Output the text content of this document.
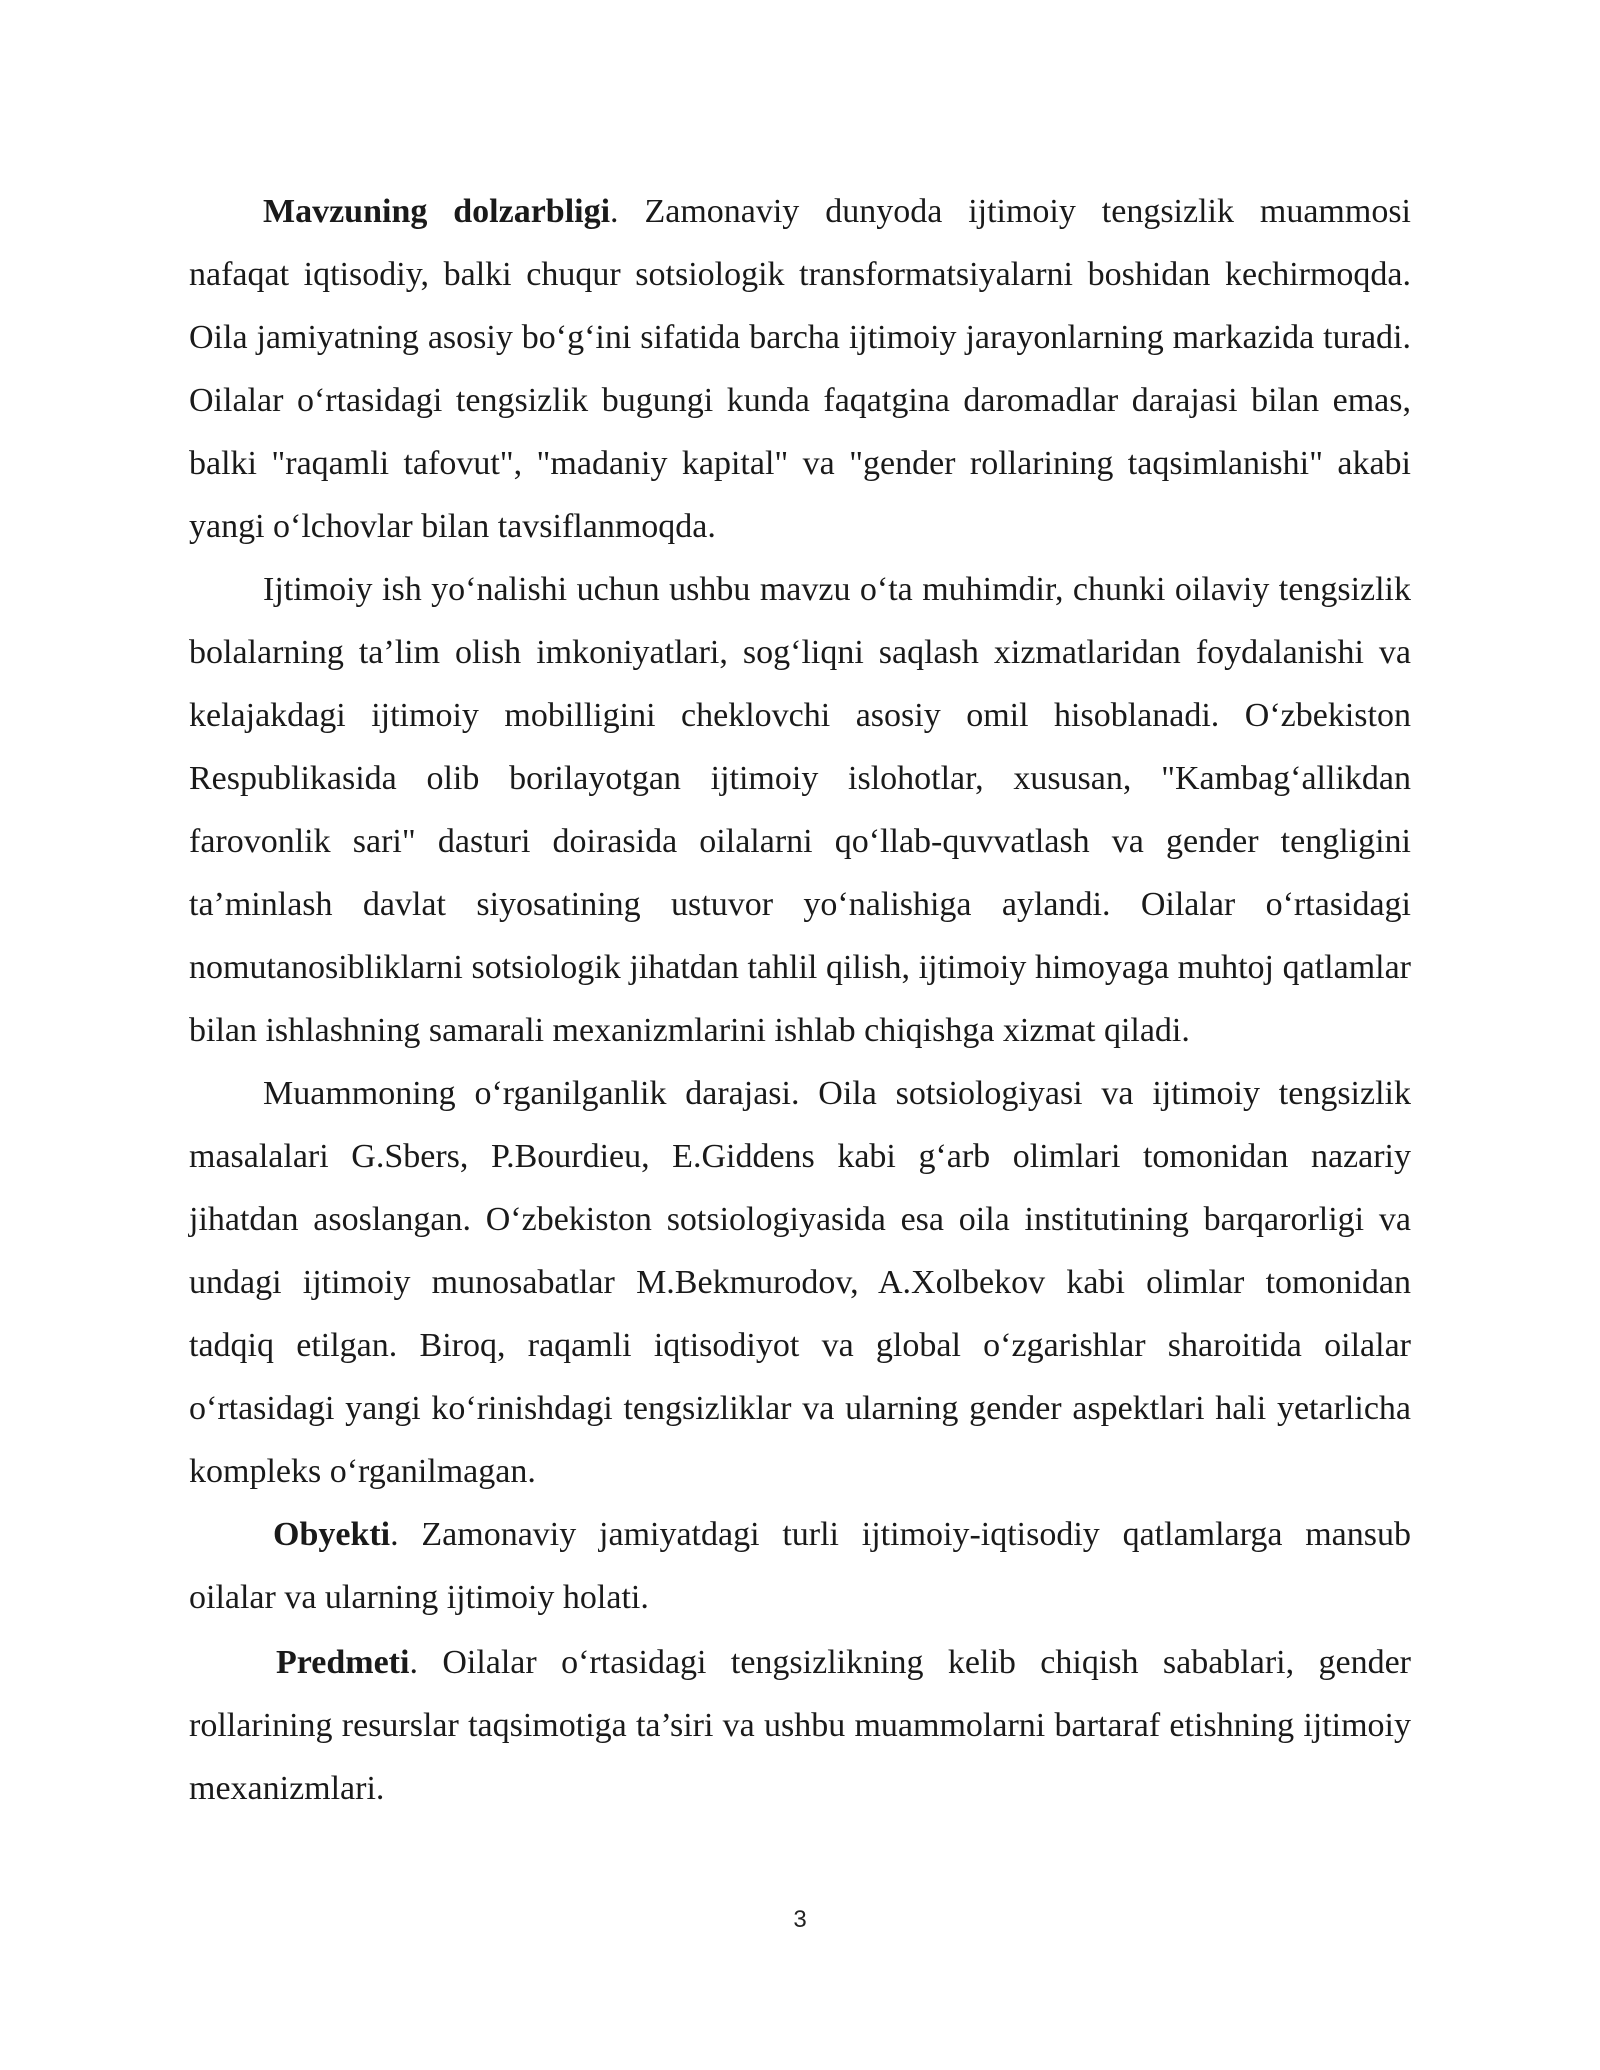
Mavzuning dolzarbligi. Zamonaviy dunyoda ijtimoiy tengsizlik muammosi nafaqat iqtisodiy, balki chuqur sotsiologik transformatsiyalarni boshidan kechirmoqda. Oila jamiyatning asosiy bo‘g‘ini sifatida barcha ijtimoiy jarayonlarning markazida turadi. Oilalar o‘rtasidagi tengsizlik bugungi kunda faqatgina daromadlar darajasi bilan emas, balki "raqamli tafovut", "madaniy kapital" va "gender rollarining taqsimlanishi" akabi yangi o‘lchovlar bilan tavsiflanmoqda.

Ijtimoiy ish yo‘nalishi uchun ushbu mavzu o‘ta muhimdir, chunki oilaviy tengsizlik bolalarning ta’lim olish imkoniyatlari, sog‘liqni saqlash xizmatlaridan foydalanishi va kelajakdagi ijtimoiy mobilligini cheklovchi asosiy omil hisoblanadi. O‘zbekiston Respublikasida olib borilayotgan ijtimoiy islohotlar, xususan, "Kambag‘allikdan farovonlik sari" dasturi doirasida oilalarni qo‘llab-quvvatlash va gender tengligini ta’minlash davlat siyosatining ustuvor yo‘nalishiga aylandi. Oilalar o‘rtasidagi nomutanosibliklarni sotsiologik jihatdan tahlil qilish, ijtimoiy himoyaga muhtoj qatlamlar bilan ishlashning samarali mexanizmlarini ishlab chiqishga xizmat qiladi.

Muammoning o‘rganilganlik darajasi. Oila sotsiologiyasi va ijtimoiy tengsizlik masalalari G.Sbers, P.Bourdieu, E.Giddens kabi g‘arb olimlari tomonidan nazariy jihatdan asoslangan. O‘zbekiston sotsiologiyasida esa oila institutining barqarorligi va undagi ijtimoiy munosabatlar M.Bekmurodov, A.Xolbekov kabi olimlar tomonidan tadqiq etilgan. Biroq, raqamli iqtisodiyot va global o‘zgarishlar sharoitida oilalar o‘rtasidagi yangi ko‘rinishdagi tengsizliklar va ularning gender aspektlari hali yetarlicha kompleks o‘rganilmagan.

Obyekti. Zamonaviy jamiyatdagi turli ijtimoiy-iqtisodiy qatlamlarga mansub oilalar va ularning ijtimoiy holati.

Predmeti. Oilalar o‘rtasidagi tengsizlikning kelib chiqish sabablari, gender rollarining resurslar taqsimotiga ta’siri va ushbu muammolarni bartaraf etishning ijtimoiy mexanizmlari.

3
